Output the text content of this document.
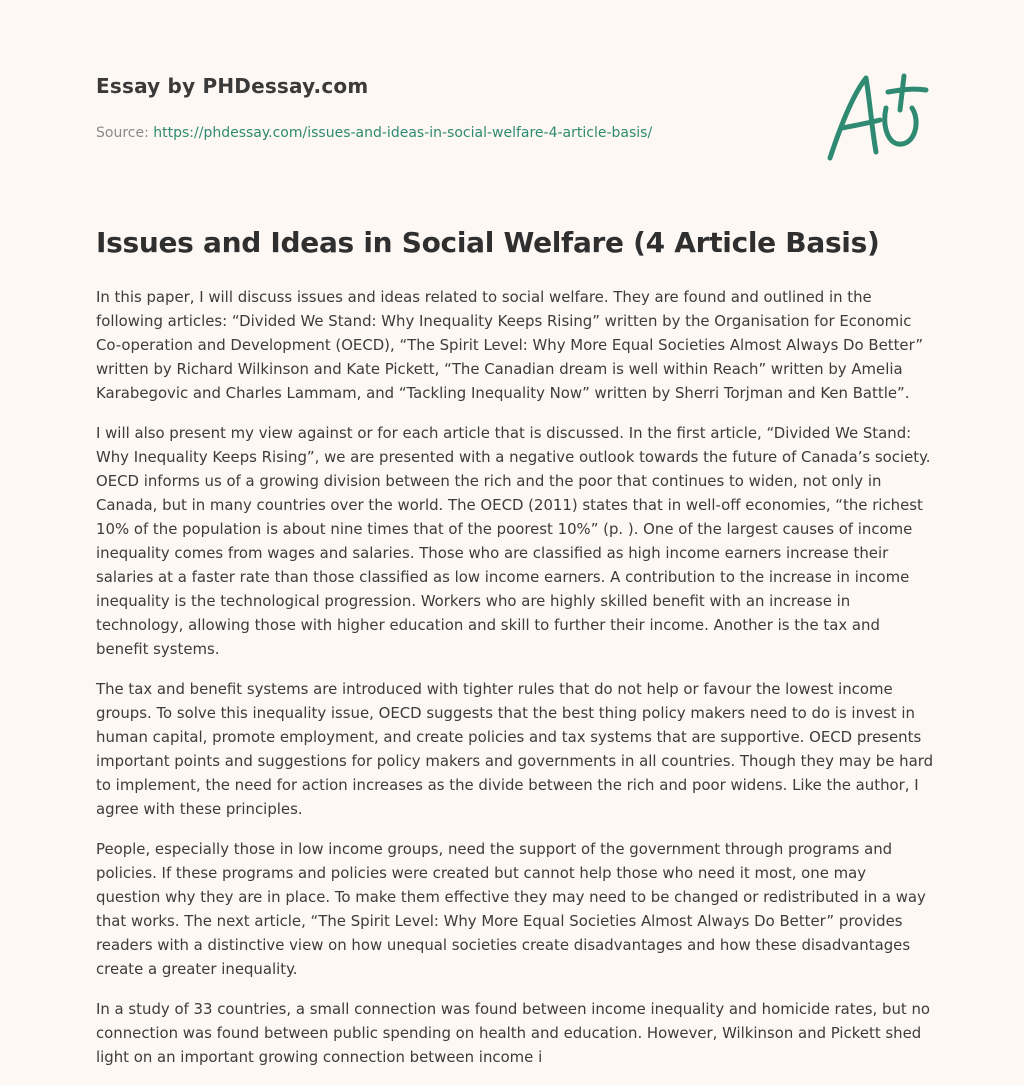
Essay by PHDessay.com
Source: https://phdessay.com/issues-and-ideas-in-social-welfare-4-article-basis/
Issues and Ideas in Social Welfare (4 Article Basis)

In this paper, I will discuss issues and ideas related to social welfare. They are found and outlined in the following articles: “Divided We Stand: Why Inequality Keeps Rising” written by the Organisation for Economic Co-operation and Development (OECD), “The Spirit Level: Why More Equal Societies Almost Always Do Better” written by Richard Wilkinson and Kate Pickett, “The Canadian dream is well within Reach” written by Amelia Karabegovic and Charles Lammam, and “Tackling Inequality Now” written by Sherri Torjman and Ken Battle”.

I will also present my view against or for each article that is discussed. In the first article, “Divided We Stand: Why Inequality Keeps Rising”, we are presented with a negative outlook towards the future of Canada’s society. OECD informs us of a growing division between the rich and the poor that continues to widen, not only in Canada, but in many countries over the world. The OECD (2011) states that in well-off economies, “the richest 10% of the population is about nine times that of the poorest 10%” (p. ). One of the largest causes of income inequality comes from wages and salaries. Those who are classified as high income earners increase their salaries at a faster rate than those classified as low income earners. A contribution to the increase in income inequality is the technological progression. Workers who are highly skilled benefit with an increase in technology, allowing those with higher education and skill to further their income. Another is the tax and benefit systems.

The tax and benefit systems are introduced with tighter rules that do not help or favour the lowest income groups. To solve this inequality issue, OECD suggests that the best thing policy makers need to do is invest in human capital, promote employment, and create policies and tax systems that are supportive. OECD presents important points and suggestions for policy makers and governments in all countries. Though they may be hard to implement, the need for action increases as the divide between the rich and poor widens. Like the author, I agree with these principles.

People, especially those in low income groups, need the support of the government through programs and policies. If these programs and policies were created but cannot help those who need it most, one may question why they are in place. To make them effective they may need to be changed or redistributed in a way that works. The next article, “The Spirit Level: Why More Equal Societies Almost Always Do Better” provides readers with a distinctive view on how unequal societies create disadvantages and how these disadvantages create a greater inequality.

In a study of 33 countries, a small connection was found between income inequality and homicide rates, but no connection was found between public spending on health and education. However, Wilkinson and Pickett shed light on an important growing connection between income i
